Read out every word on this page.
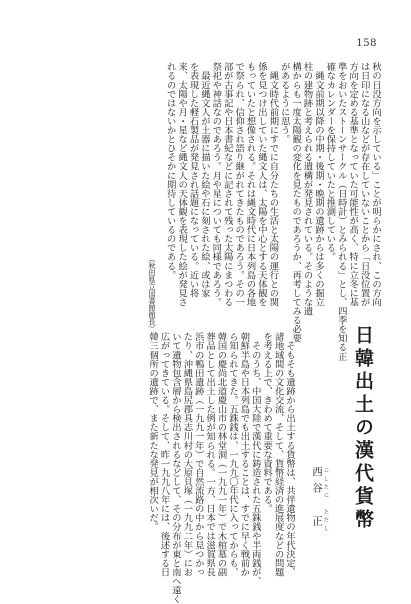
158
秋の日没方向を示している」ことが明らかにされ、この方向
は日印になる山などが存在していないことから「日没位置が
方向を定める基準となっていた可能性が高く、特に立冬に基
準をおいたストーンサークル（日時計）とみられる」とし、四季を知る正
確なカレンダーを保持していたと推測している。
　縄文前期以降の中期・後期・晩期の遺跡からは多くの掘立
柱の建物跡と考えられる遺構が発見されている。そのような遺
構からも一度太陽観の変化を見たものであろうか、再考してみる必要
があるように思う。
　縄文時代前期にすでに自分たちの生活と太陽の運行との関
係を見つけ出していた縄文人は、太陽を中心とする天体観を
もっていたと想像される。それは縄文時代に日本列島の各地
で祭られ、信仰され語り継がれてきたものであろう。その一
部が古事記や日本書紀などに記されて残った太陽にまつわる
祭祀や神話なのであろう。月や星についても同様であろう。
　最近縄文人が土器に描いた絵や石に刻された絵、或は家
を表現した軽石製品が発見され話題になっている。近い将
来、太陽や月・星など縄文人の天体観を表現した絵が発見さ
れるのではないかとひそかに期待しているのである。
（秋田県立図書館館長）
日韓出土の漢代貨幣
西谷　正 にしたに　ただし
　そもそも遺跡から出土する貨幣は、共伴遺物の年代決定、
諸地域間の文化交流、そして、貨幣経済の進展度などの問題
を考える上で、きわめて重要な資料である。
　そのうち、中国大陸で漢代に鋳造された五銖銭や半両銭が、
朝鮮半島や日本列島でも出土することは、すでに早く戦前か
ら知られてきた。五銖銭は、一九九〇年代に入ってからも、
韓国の慶尚北道慶山市の林堂洞（一九九一年）で木棺墓の副
葬品として出土した例が知られる。一方、日本では滋賀県長
浜市の鴨田遺跡（一九九一年）で自然流路の中から見つかっ
たり、沖縄県島尻郡具志川村の大原貝塚（一九九二年）にお
いて遺物包含層から検出されるなどして、その分布が東と南へ遠く
広がってきている。そして、昨一九九八年には、後述する日
韓三個所の遺跡で、また新たな発見が相次いだ。
